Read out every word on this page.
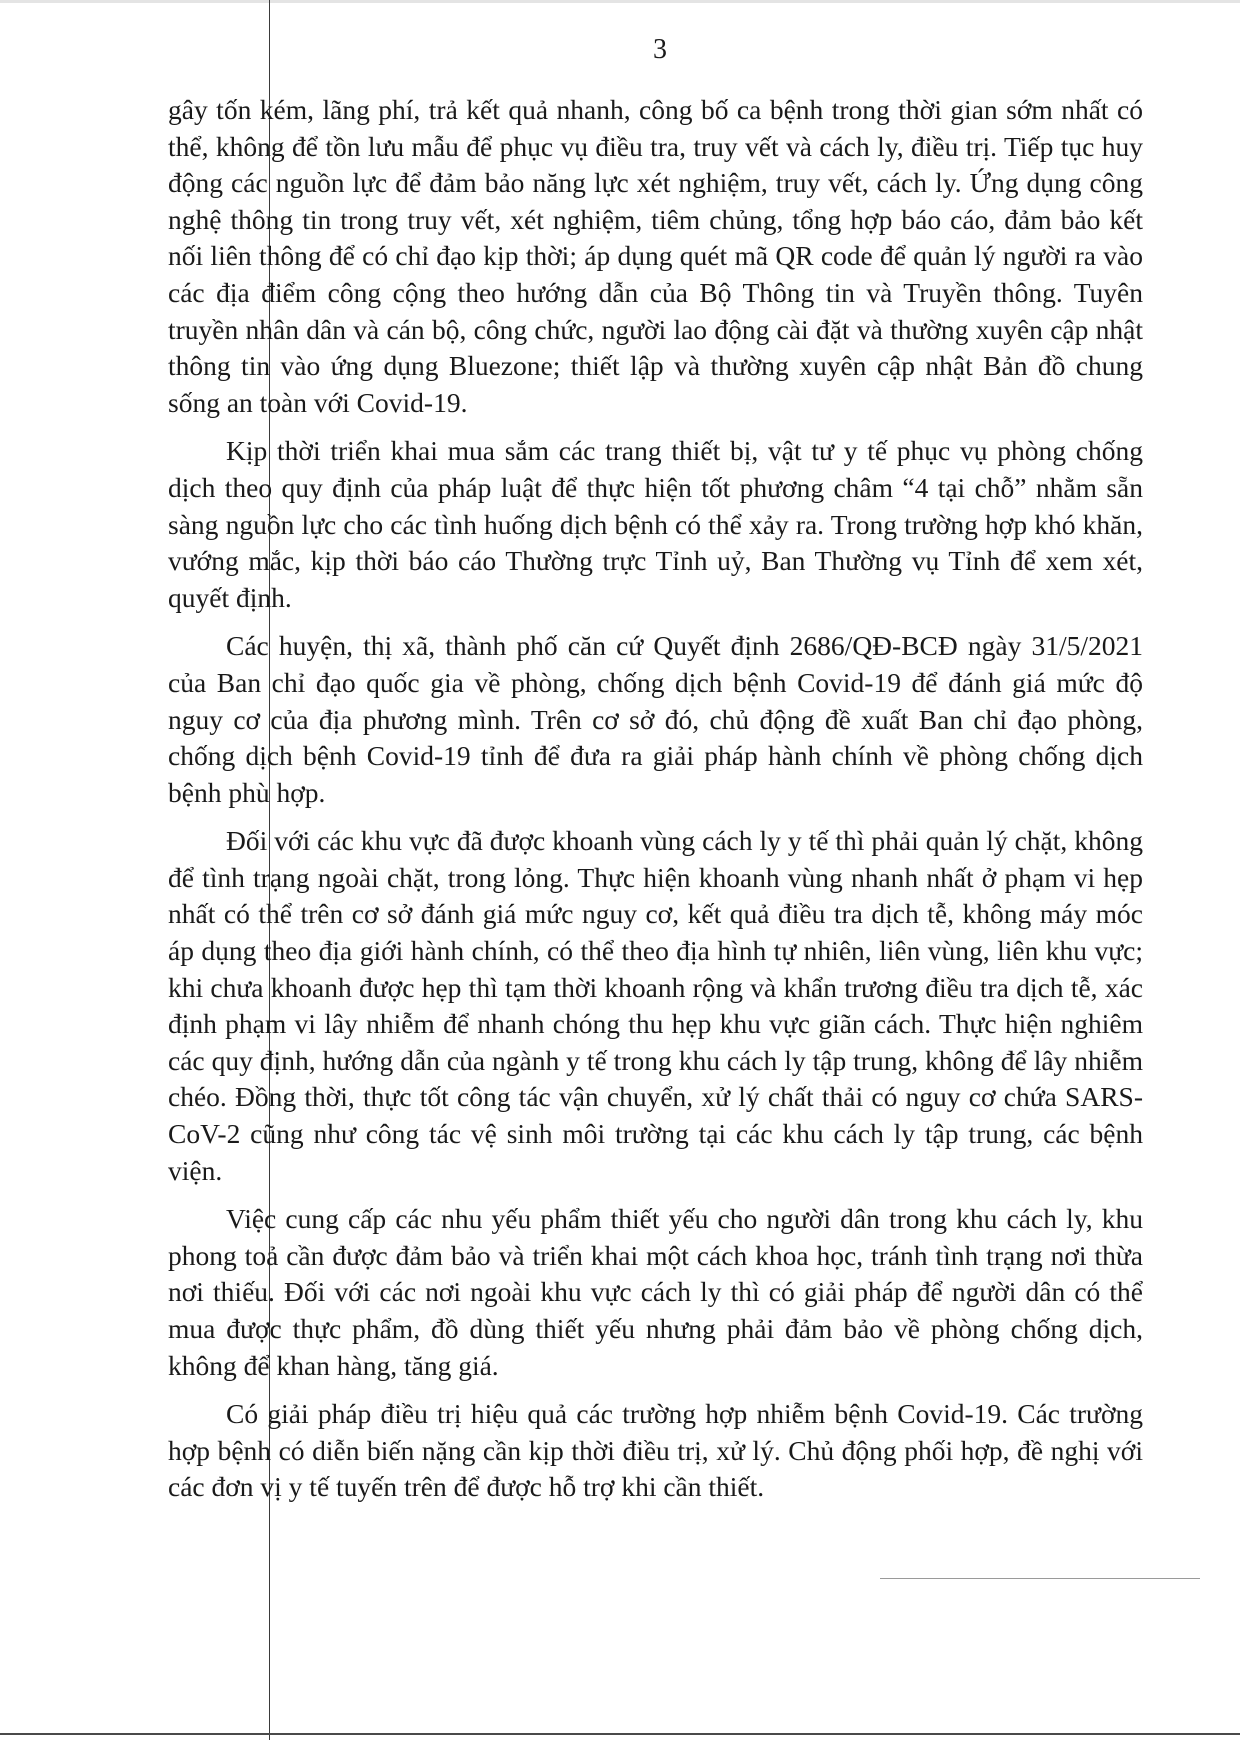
3

gây tốn kém, lãng phí, trả kết quả nhanh, công bố ca bệnh trong thời gian sớm nhất có thể, không để tồn lưu mẫu để phục vụ điều tra, truy vết và cách ly, điều trị. Tiếp tục huy động các nguồn lực để đảm bảo năng lực xét nghiệm, truy vết, cách ly. Ứng dụng công nghệ thông tin trong truy vết, xét nghiệm, tiêm chủng, tổng hợp báo cáo, đảm bảo kết nối liên thông để có chỉ đạo kịp thời; áp dụng quét mã QR code để quản lý người ra vào các địa điểm công cộng theo hướng dẫn của Bộ Thông tin và Truyền thông. Tuyên truyền nhân dân và cán bộ, công chức, người lao động cài đặt và thường xuyên cập nhật thông tin vào ứng dụng Bluezone; thiết lập và thường xuyên cập nhật Bản đồ chung sống an toàn với Covid-19.

Kịp thời triển khai mua sắm các trang thiết bị, vật tư y tế phục vụ phòng chống dịch theo quy định của pháp luật để thực hiện tốt phương châm “4 tại chỗ” nhằm sẵn sàng nguồn lực cho các tình huống dịch bệnh có thể xảy ra. Trong trường hợp khó khăn, vướng mắc, kịp thời báo cáo Thường trực Tỉnh uỷ, Ban Thường vụ Tỉnh để xem xét, quyết định.

Các huyện, thị xã, thành phố căn cứ Quyết định 2686/QĐ-BCĐ ngày 31/5/2021 của Ban chỉ đạo quốc gia về phòng, chống dịch bệnh Covid-19 để đánh giá mức độ nguy cơ của địa phương mình. Trên cơ sở đó, chủ động đề xuất Ban chỉ đạo phòng, chống dịch bệnh Covid-19 tỉnh để đưa ra giải pháp hành chính về phòng chống dịch bệnh phù hợp.

Đối với các khu vực đã được khoanh vùng cách ly y tế thì phải quản lý chặt, không để tình trạng ngoài chặt, trong lỏng. Thực hiện khoanh vùng nhanh nhất ở phạm vi hẹp nhất có thể trên cơ sở đánh giá mức nguy cơ, kết quả điều tra dịch tễ, không máy móc áp dụng theo địa giới hành chính, có thể theo địa hình tự nhiên, liên vùng, liên khu vực; khi chưa khoanh được hẹp thì tạm thời khoanh rộng và khẩn trương điều tra dịch tễ, xác định phạm vi lây nhiễm để nhanh chóng thu hẹp khu vực giãn cách. Thực hiện nghiêm các quy định, hướng dẫn của ngành y tế trong khu cách ly tập trung, không để lây nhiễm chéo. Đồng thời, thực tốt công tác vận chuyển, xử lý chất thải có nguy cơ chứa SARS-CoV-2 cũng như công tác vệ sinh môi trường tại các khu cách ly tập trung, các bệnh viện.

Việc cung cấp các nhu yếu phẩm thiết yếu cho người dân trong khu cách ly, khu phong toả cần được đảm bảo và triển khai một cách khoa học, tránh tình trạng nơi thừa nơi thiếu. Đối với các nơi ngoài khu vực cách ly thì có giải pháp để người dân có thể mua được thực phẩm, đồ dùng thiết yếu nhưng phải đảm bảo về phòng chống dịch, không để khan hàng, tăng giá.

Có giải pháp điều trị hiệu quả các trường hợp nhiễm bệnh Covid-19. Các trường hợp bệnh có diễn biến nặng cần kịp thời điều trị, xử lý. Chủ động phối hợp, đề nghị với các đơn vị y tế tuyến trên để được hỗ trợ khi cần thiết.
